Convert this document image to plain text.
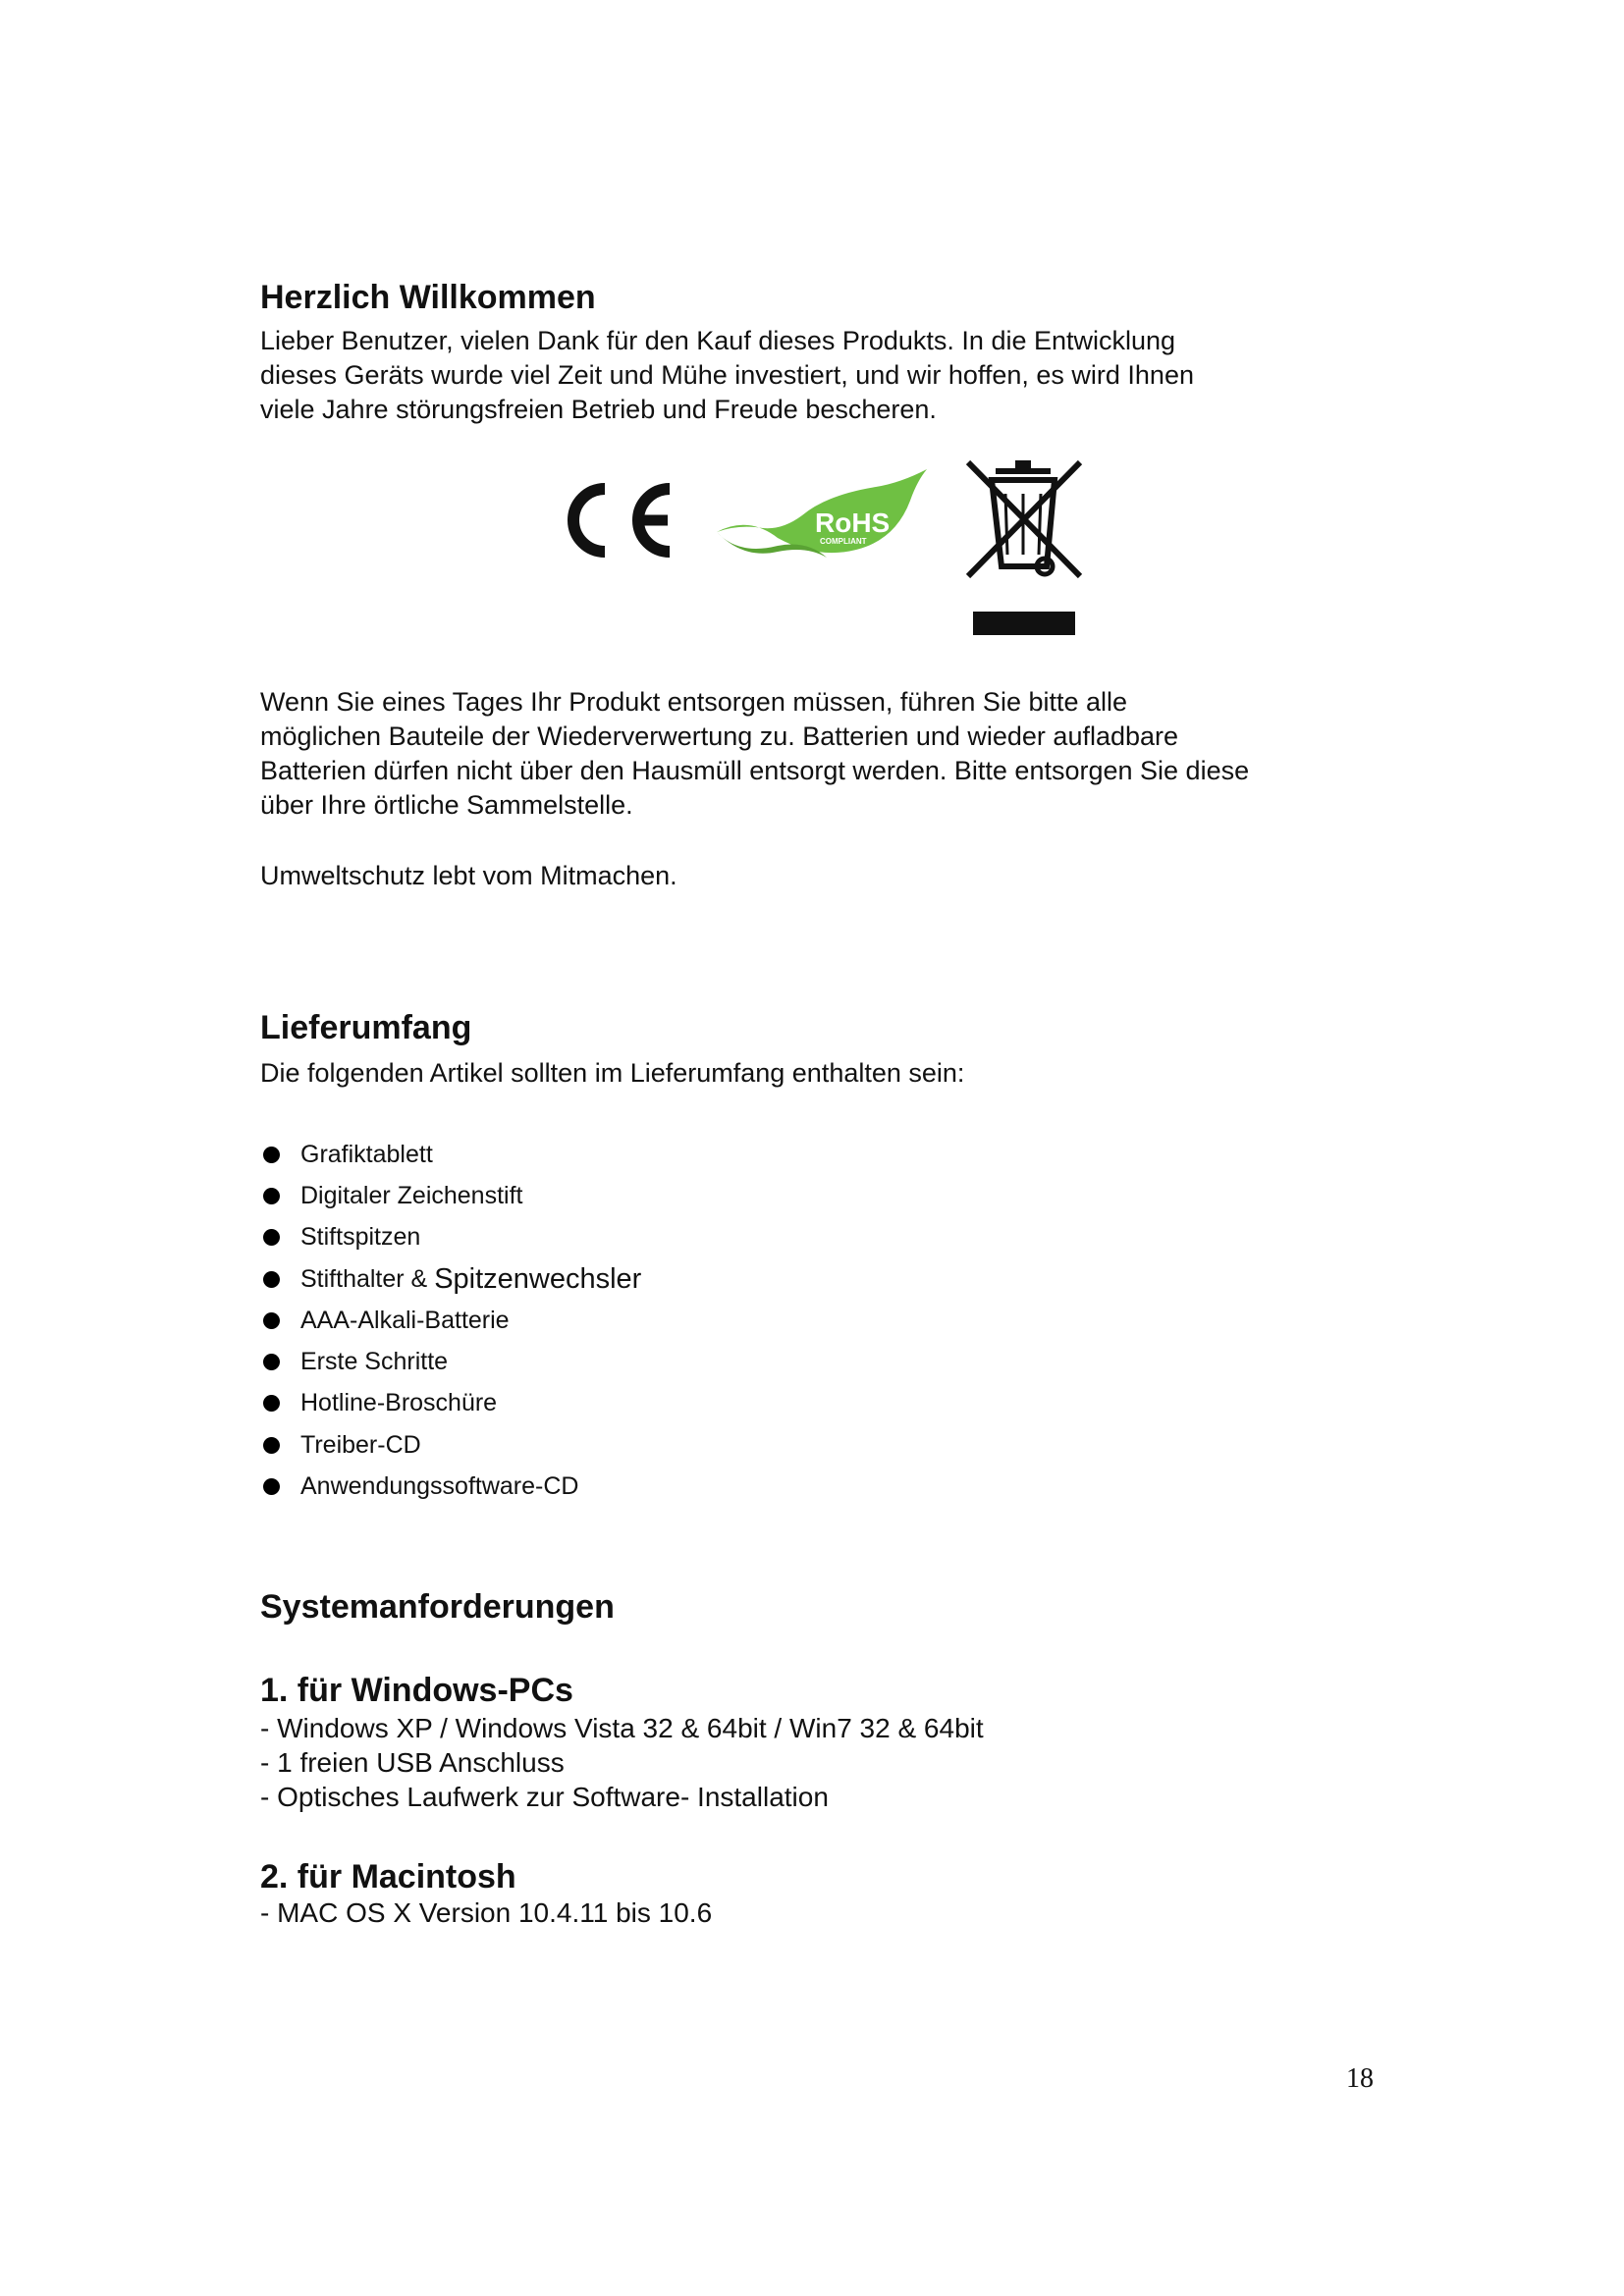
Herzlich Willkommen

Lieber Benutzer, vielen Dank für den Kauf dieses Produkts. In die Entwicklung

dieses Geräts wurde viel Zeit und Mühe investiert, und wir hoffen, es wird Ihnen

viele Jahre störungsfreien Betrieb und Freude bescheren.

RoHS
COMPLIANT

Wenn Sie eines Tages Ihr Produkt entsorgen müssen, führen Sie bitte alle

möglichen Bauteile der Wiederverwertung zu. Batterien und wieder aufladbare

Batterien dürfen nicht über den Hausmüll entsorgt werden. Bitte entsorgen Sie diese

über Ihre örtliche Sammelstelle.

Umweltschutz lebt vom Mitmachen.
Lieferumfang
Die folgenden Artikel sollten im Lieferumfang enthalten sein:
Grafiktablett
Digitaler Zeichenstift
Stiftspitzen
Stifthalter &
Spitzenwechsler
AAA-Alkali-Batterie
Erste Schritte
Hotline-Broschüre
Treiber-CD
Anwendungssoftware-CD
Systemanforderungen
1. für Windows-PCs
- Windows XP / Windows Vista 32 & 64bit / Win7 32 & 64bit
- 1 freien USB Anschluss
- Optisches Laufwerk zur Software- Installation
2. für Macintosh
- MAC OS X Version 10.4.11 bis 10.6
18
